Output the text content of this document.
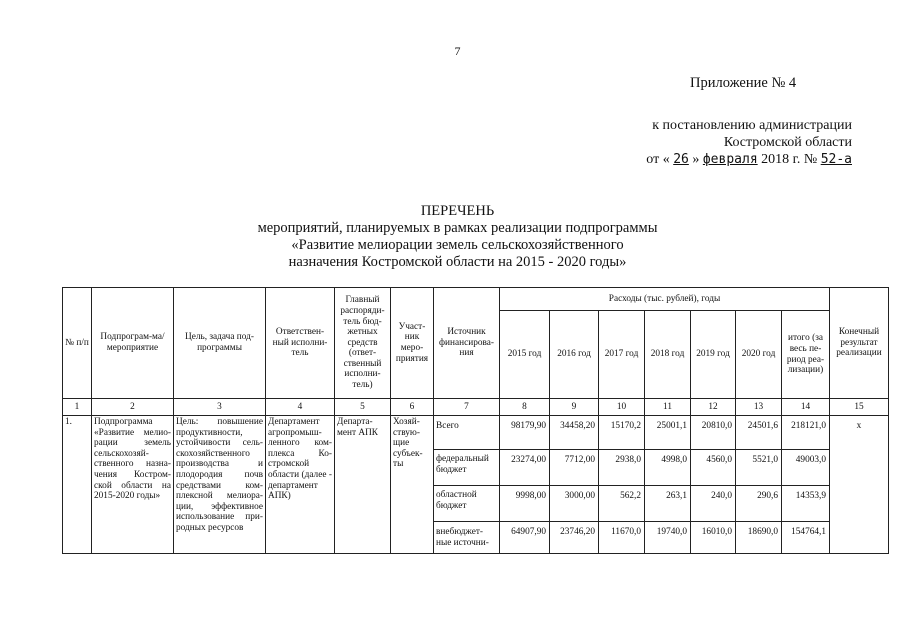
7
Приложение № 4
к постановлению администрации
Костромской области
от « 26 » февраля 2018 г. № 52-а
ПЕРЕЧЕНЬ
мероприятий, планируемых в рамках реализации подпрограммы
«Развитие мелиорации земель сельскохозяйственного
назначения Костромской области на 2015 - 2020 годы»
№ п/п	Подпрограм-ма/мероприятие	Цель, задача под-программы	Ответствен-ный исполни-тель	Главный распоряди-тель бюд-жетных средств (ответ-ственный исполни-тель)	Участ-ник меро-приятия	Источник финансирова-ния	Расходы (тыс. рублей), годы							Конечный результат реализации
							2015 год	2016 год	2017 год	2018 год	2019 год	2020 год	итого (за весь пе-риод реа-лизации)	
1	2	3	4	5	6	7	8	9	10	11	12	13	14	15
1.	Подпрограмма «Развитие мелио-рации земель сельскохозяй-ственного назна-чения Костром-ской области на 2015-2020 годы»	Цель: повышение продуктивности, устойчивости сель-скохозяйственного производства и плодородия почв средствами ком-плексной мелиора-ции, эффективное использование при-родных ресурсов	Департамент агропромыш-ленного ком-плекса Ко-стромской области (далее - департамент АПК)	Департа-мент АПК	Хозяй-ствую-щие субъек-ты	Всего	98179,90	34458,20	15170,2	25001,1	20810,0	24501,6	218121,0	х
						федеральный бюджет	23274,00	7712,00	2938,0	4998,0	4560,0	5521,0	49003,0	
						областной бюджет	9998,00	3000,00	562,2	263,1	240,0	290,6	14353,9	
						внебюджет-ные источни-	64907,90	23746,20	11670,0	19740,0	16010,0	18690,0	154764,1	
